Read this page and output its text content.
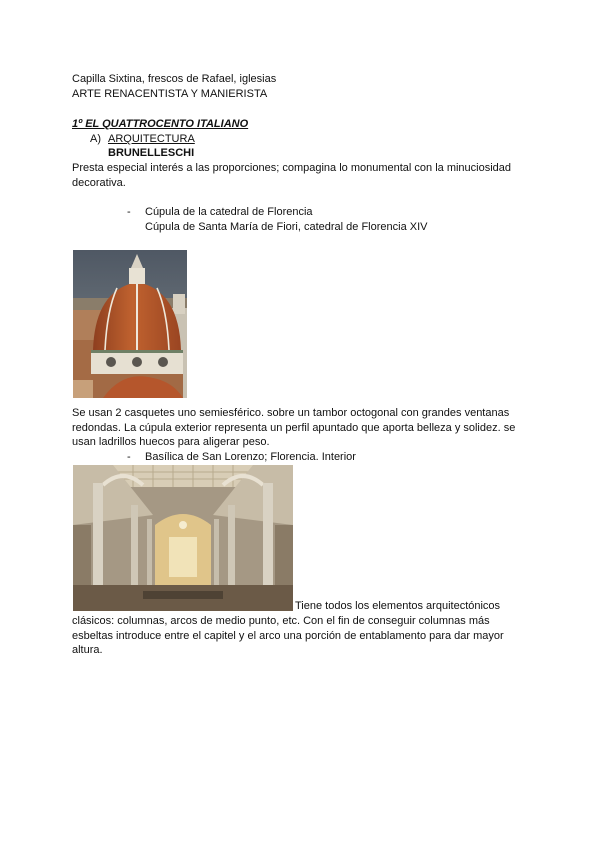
Capilla Sixtina, frescos de Rafael, iglesias
ARTE RENACENTISTA Y MANIERISTA
1º EL QUATTROCENTO ITALIANO
A) ARQUITECTURA
BRUNELLESCHI
Presta especial interés a las proporciones; compagina lo monumental con la minuciosidad decorativa.
- Cúpula de la catedral de Florencia
Cúpula de Santa María de Fiori, catedral de Florencia XIV
Se usan 2 casquetes uno semiesférico. sobre un tambor octogonal con grandes ventanas redondas. La cúpula exterior representa un perfil apuntado que aporta belleza y solidez. se usan ladrillos huecos para aligerar peso.
- Basílica de San Lorenzo; Florencia. Interior
Tiene todos los elementos arquitectónicos
clásicos: columnas, arcos de medio punto, etc. Con el fin de conseguir columnas más esbeltas introduce entre el capitel y el arco una porción de entablamento para dar mayor altura.
